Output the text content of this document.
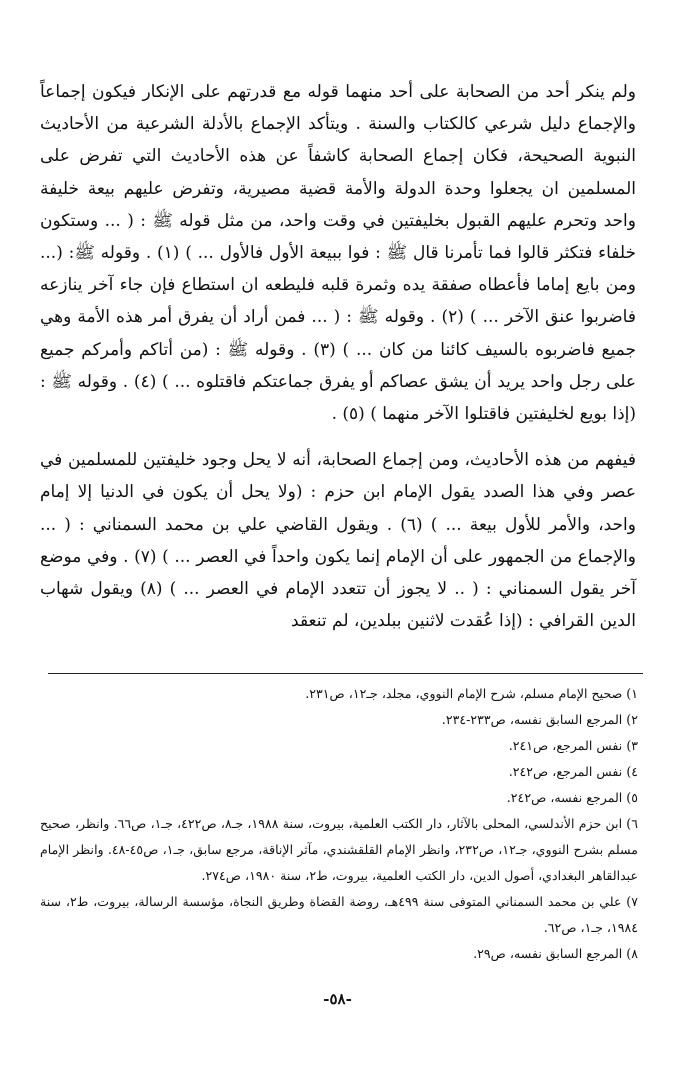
ولم ينكر أحد من الصحابة على أحد منهما قوله مع قدرتهم على الإنكار فيكون إجماعاً والإجماع دليل شرعي كالكتاب والسنة . ويتأكد الإجماع بالأدلة الشرعية من الأحاديث النبوية الصحيحة، فكان إجماع الصحابة كاشفاً عن هذه الأحاديث التي تفرض على المسلمين ان يجعلوا وحدة الدولة والأمة قضية مصيرية، وتفرض عليهم بيعة خليفة واحد وتحرم عليهم القبول بخليفتين في وقت واحد، من مثل قوله ﷺ : ( ... وستكون خلفاء فتكثر قالوا فما تأمرنا قال ﷺ : فوا ببيعة الأول فالأول ... ) (١) . وقوله ﷺ: (... ومن بايع إماما فأعطاه صفقة يده وثمرة قلبه فليطعه ان استطاع فإن جاء آخر ينازعه فاضربوا عنق الآخر ... ) (٢) . وقوله ﷺ : ( ... فمن أراد أن يفرق أمر هذه الأمة وهي جميع فاضربوه بالسيف كائنا من كان ... ) (٣) . وقوله ﷺ : (من أتاكم وأمركم جميع على رجل واحد يريد أن يشق عصاكم أو يفرق جماعتكم فاقتلوه ... ) (٤) . وقوله ﷺ : (إذا بويع لخليفتين فاقتلوا الآخر منهما ) (٥) .

فيفهم من هذه الأحاديث، ومن إجماع الصحابة، أنه لا يحل وجود خليفتين للمسلمين في عصر وفي هذا الصدد يقول الإمام ابن حزم : (ولا يحل أن يكون في الدنيا إلا إمام واحد، والأمر للأول بيعة ... ) (٦) . ويقول القاضي علي بن محمد السمناني : ( ... والإجماع من الجمهور على أن الإمام إنما يكون واحداً في العصر ... ) (٧) . وفي موضع آخر يقول السمناني : ( .. لا يجوز أن تتعدد الإمام في العصر ... ) (٨) ويقول شهاب الدين القرافي : (إذا عُقدت لاثنين ببلدين، لم تنعقد

١) صحيح الإمام مسلم، شرح الإمام النووي، مجلد، جـ١٢، ص٢٣١.
٢) المرجع السابق نفسه، ص٢٣٣-٢٣٤.
٣) نفس المرجع، ص٢٤١.
٤) نفس المرجع، ص٢٤٢.
٥) المرجع نفسه، ص٢٤٢.
٦) ابن حزم الأندلسي، المحلى بالآثار، دار الكتب العلمية، بيروت، سنة ١٩٨٨، جـ٨، ص٤٢٢، جـ١، ص٦٦. وانظر، صحيح مسلم بشرح النووي، جـ١٢، ص٢٣٢، وانظر الإمام القلقشندي، مآثر الإناقة، مرجع سابق، جـ١، ص٤٥-٤٨. وانظر الإمام عبدالقاهر البغدادي، أصول الدين، دار الكتب العلمية، بيروت، ط٢، سنة ١٩٨٠، ص٢٧٤.
٧) علي بن محمد السمناني المتوفى سنة ٤٩٩هـ، روضة القضاة وطريق النجاة، مؤسسة الرسالة، بيروت، ط٢، سنة ١٩٨٤، جـ١، ص٦٢.
٨) المرجع السابق نفسه، ص٢٩.
-٥٨-
